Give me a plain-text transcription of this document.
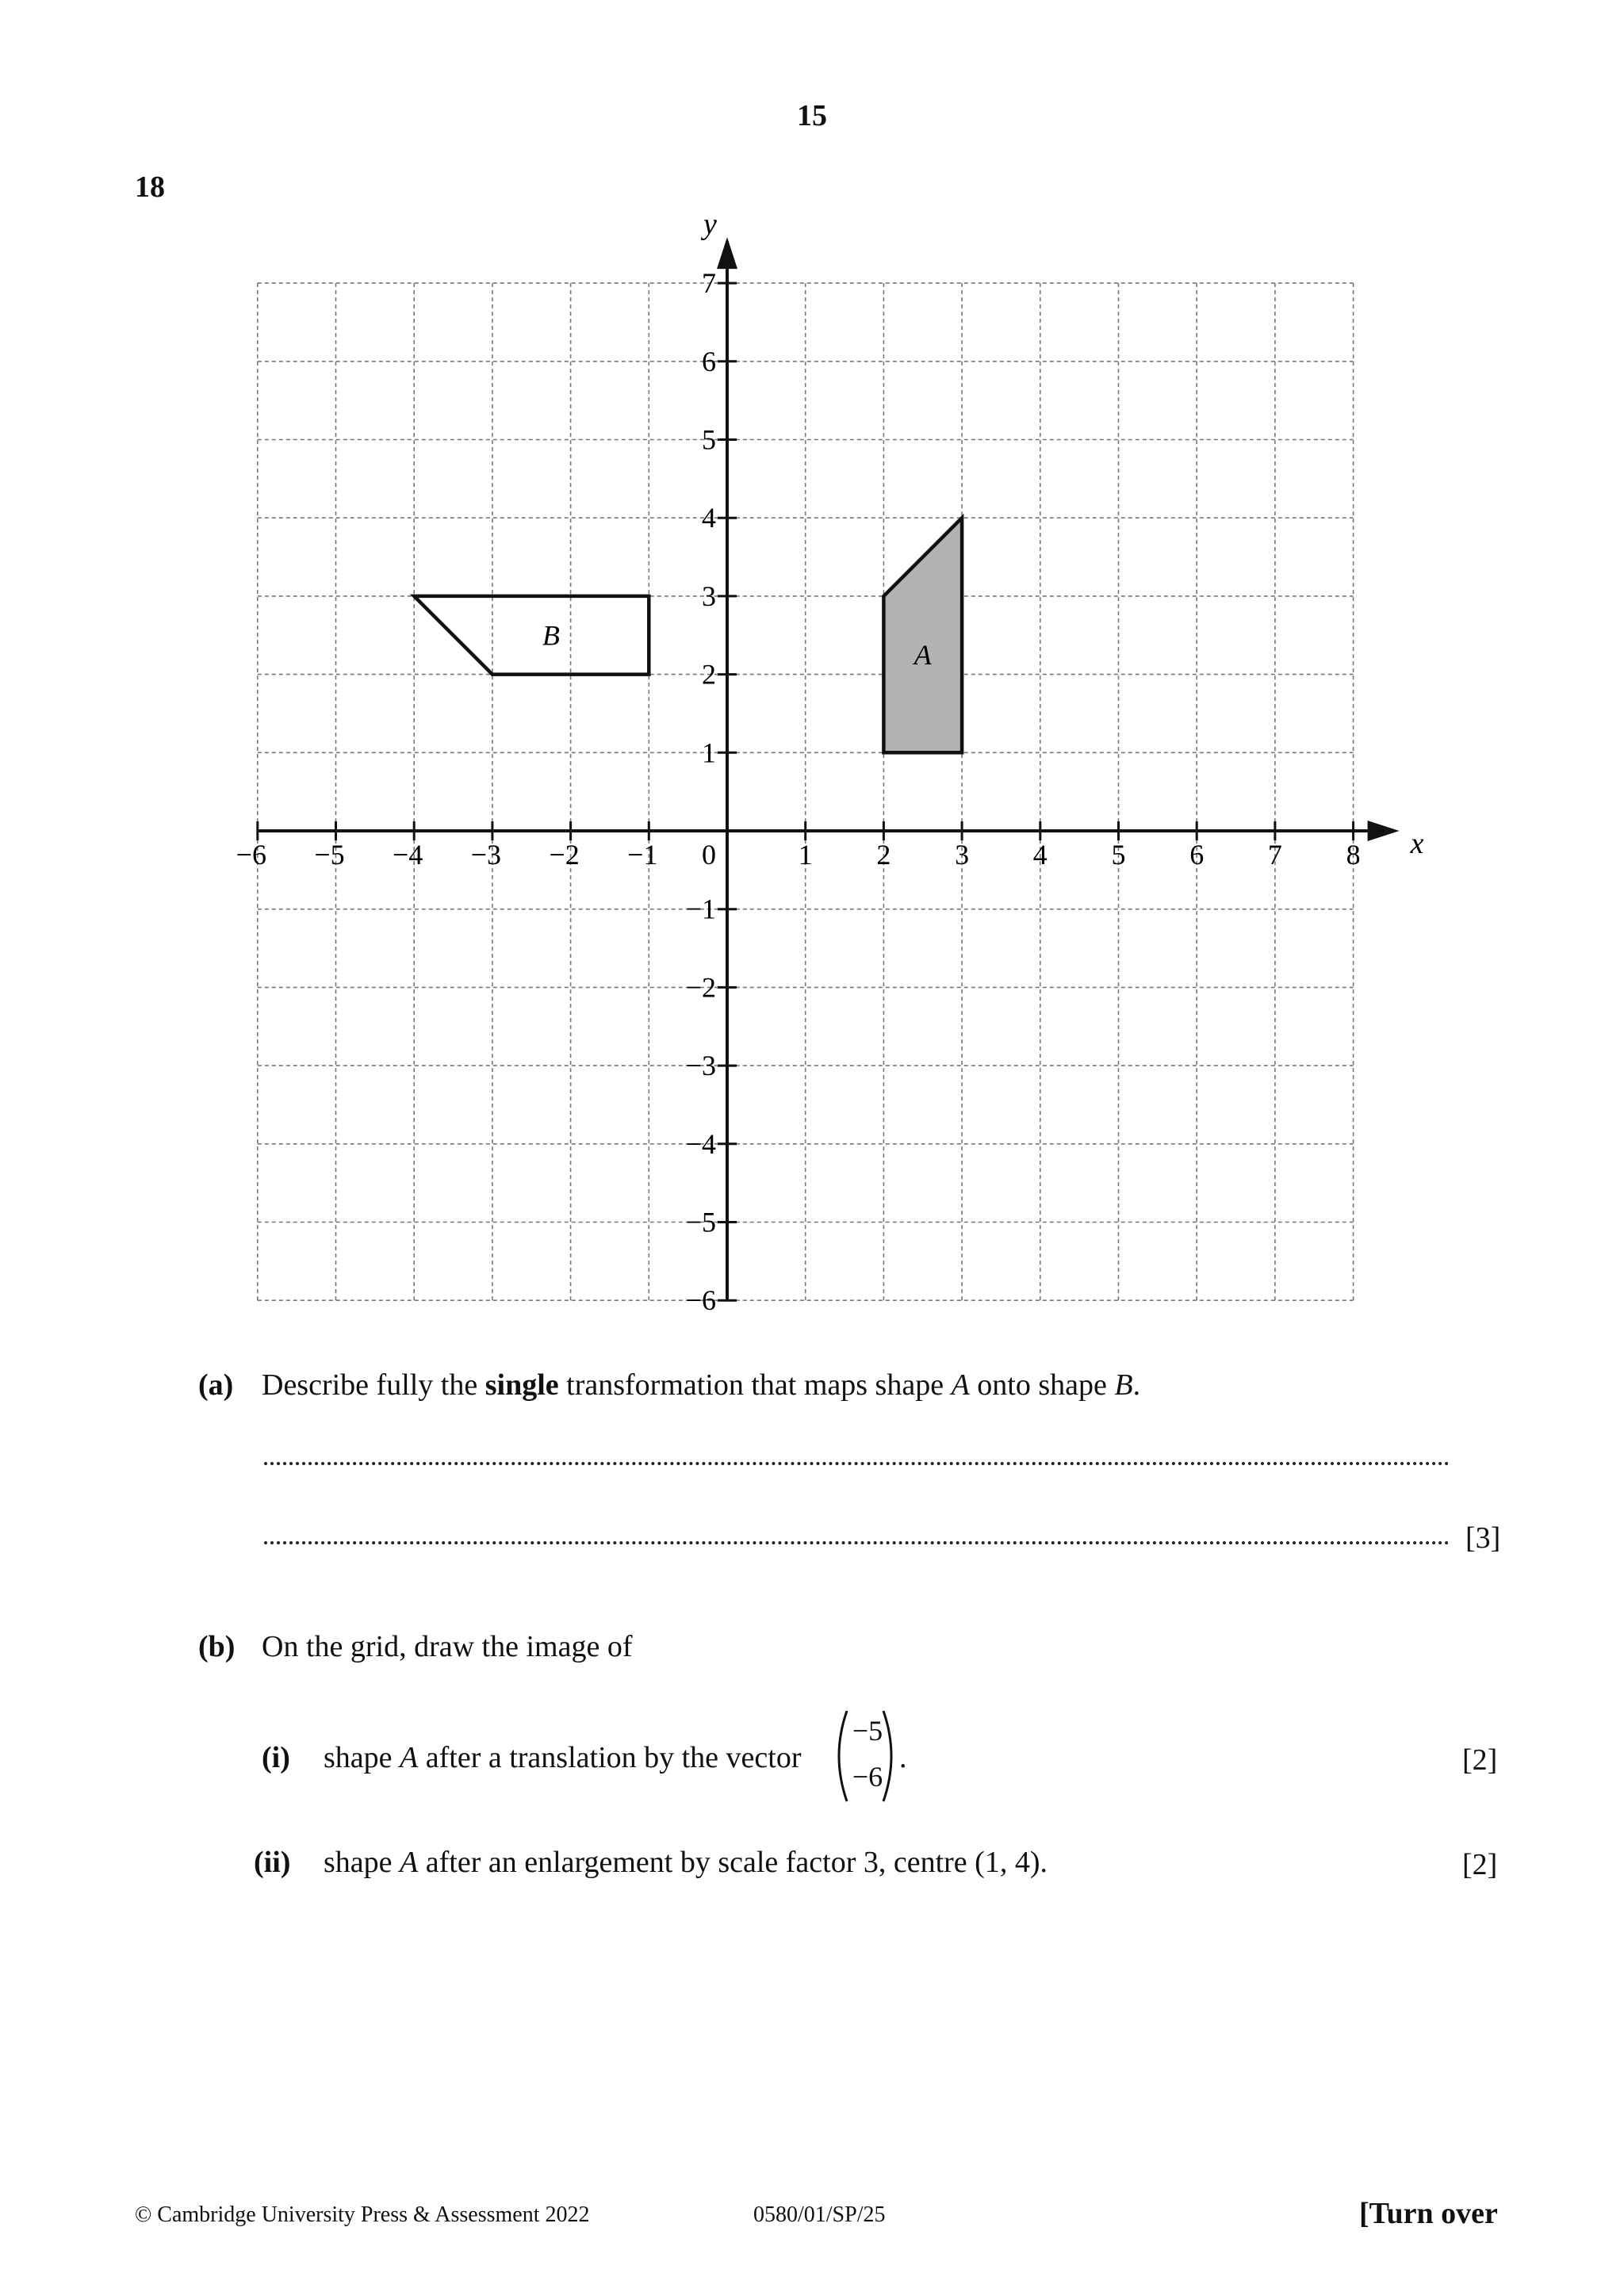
15
18
A
B
−6 −5 −4 −3 −2 −1	1 2 3 4 5 6 7 8
7
6
5
4
3
2
1
−1
−2
−3
−4
−5
−6
0	x
y
(a) Describe fully the single transformation that maps shape A onto shape B.
[3]
(b) On the grid, draw the image of
(i) shape A after a translation by the vector
−5
−6
.	[2]
(ii) shape A after an enlargement by scale factor 3, centre (1, 4).	[2]
© Cambridge University Press & Assessment 2022	0580/01/SP/25	[Turn over
